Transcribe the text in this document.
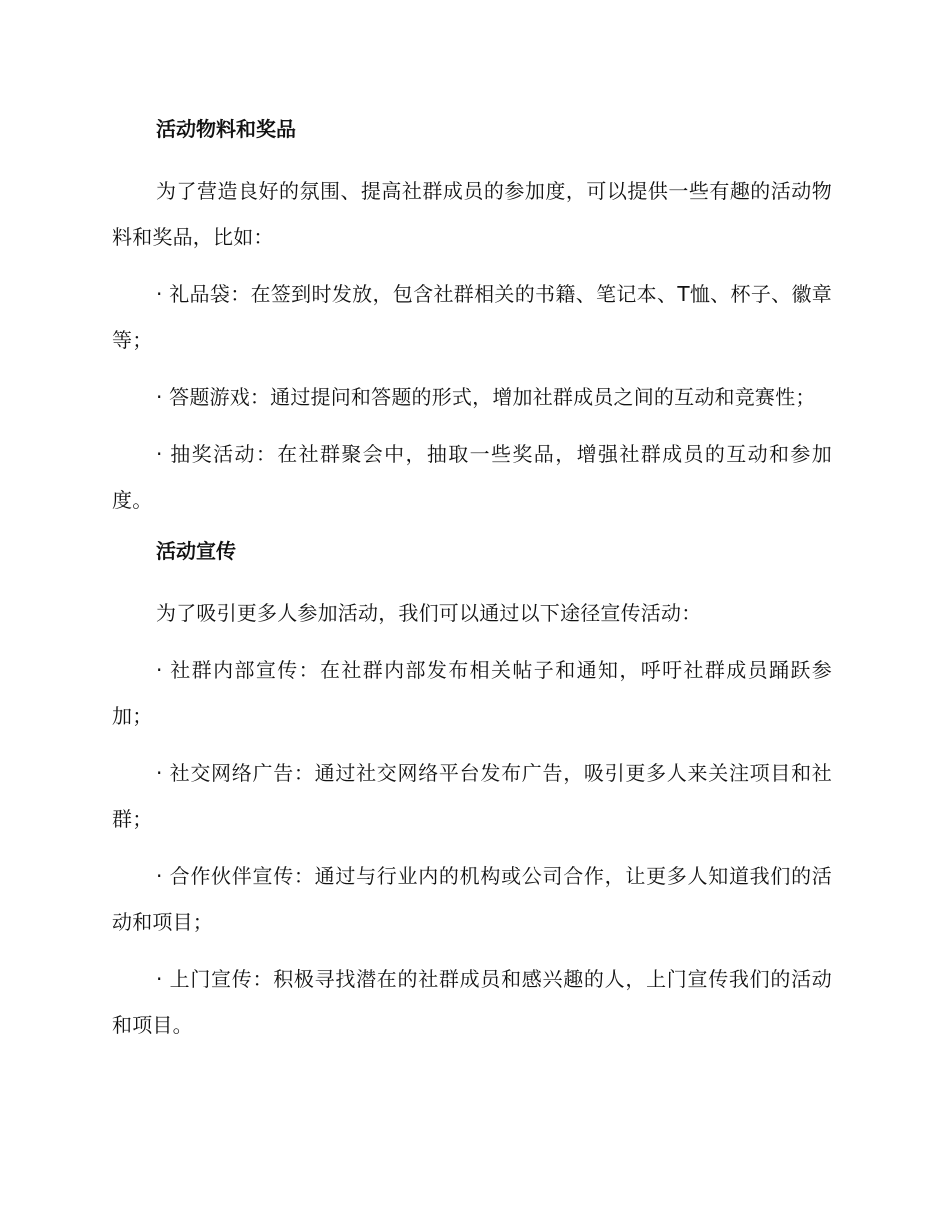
活动物料和奖品

为了营造良好的氛围、提高社群成员的参加度，可以提供一些有趣的活动物料和奖品，比如：

· 礼品袋：在签到时发放，包含社群相关的书籍、笔记本、T恤、杯子、徽章等；

· 答题游戏：通过提问和答题的形式，增加社群成员之间的互动和竞赛性；

· 抽奖活动：在社群聚会中，抽取一些奖品，增强社群成员的互动和参加度。

活动宣传

为了吸引更多人参加活动，我们可以通过以下途径宣传活动：

· 社群内部宣传：在社群内部发布相关帖子和通知，呼吁社群成员踊跃参加；

· 社交网络广告：通过社交网络平台发布广告，吸引更多人来关注项目和社群；

· 合作伙伴宣传：通过与行业内的机构或公司合作，让更多人知道我们的活动和项目；

· 上门宣传：积极寻找潜在的社群成员和感兴趣的人，上门宣传我们的活动和项目。
